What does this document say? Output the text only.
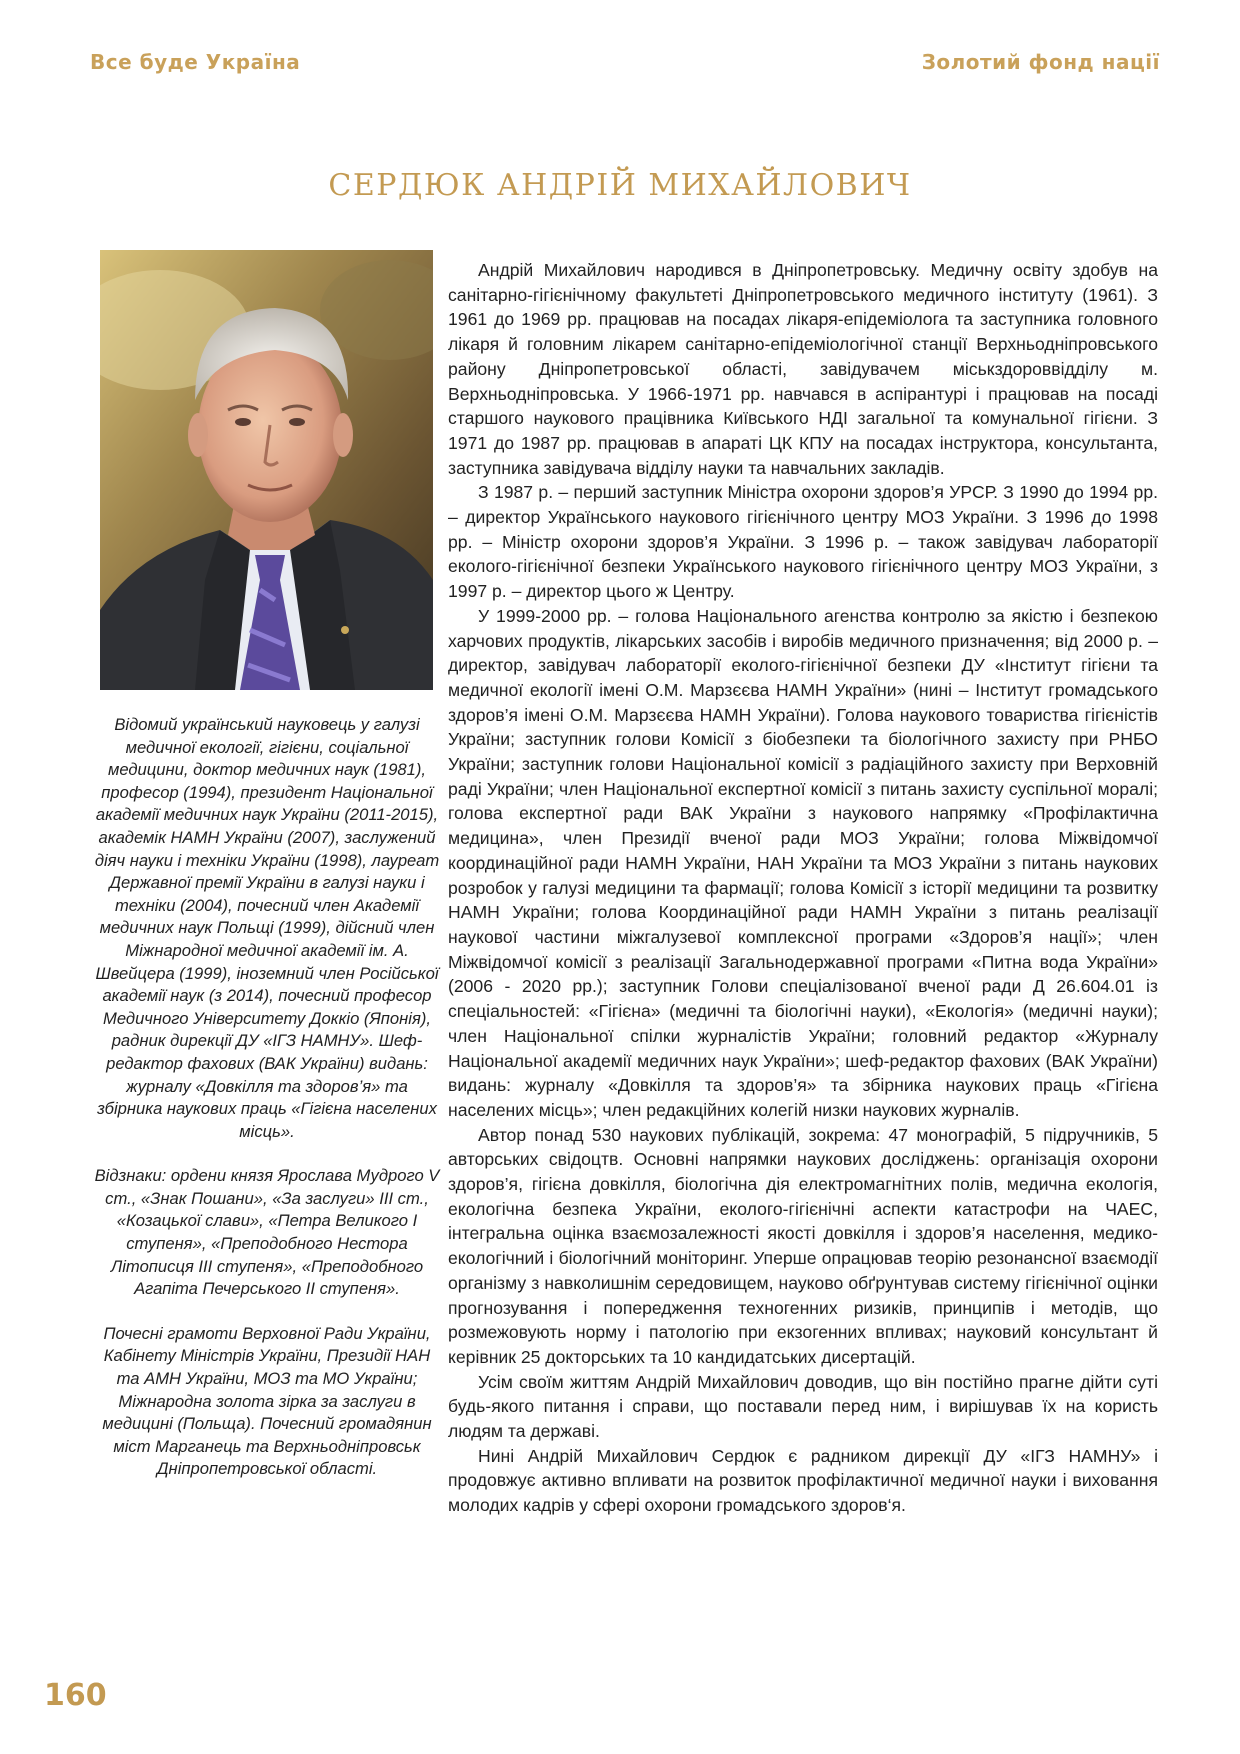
Все буде Україна	Золотий фонд нації
СЕРДЮК АНДРІЙ МИХАЙЛОВИЧ

Відомий український науковець у галузі медичної екології, гігієни, соціальної медицини, доктор медичних наук (1981), професор (1994), президент Національної академії медичних наук України (2011-2015), академік НАМН України (2007), заслужений діяч науки і техніки України (1998), лауреат Державної премії України в галузі науки і техніки (2004), почесний член Академії медичних наук Польщі (1999), дійсний член Міжнародної медичної академії ім. А. Швейцера (1999), іноземний член Російської академії наук (з 2014), почесний професор Медичного Університету Доккіо (Японія), радник дирекції ДУ «ІГЗ НАМНУ». Шеф-редактор фахових (ВАК України) видань: журналу «Довкілля та здоров’я» та збірника наукових праць «Гігієна населених місць».

Відзнаки: ордени князя Ярослава Мудрого V ст., «Знак Пошани», «За заслуги» ІІІ ст., «Козацької слави», «Петра Великого І ступеня», «Преподобного Нестора Літописця ІІІ ступеня», «Преподобного Агапіта Печерського ІІ ступеня».

Почесні грамоти Верховної Ради України, Кабінету Міністрів України, Президії НАН та АМН України, МОЗ та МО України; Міжнародна золота зірка за заслуги в медицині (Польща). Почесний громадянин міст Марганець та Верхньодніпровськ Дніпропетровської області.

Андрій Михайлович народився в Дніпропетровську. Медичну освіту здобув на санітарно-гігієнічному факультеті Дніпропетровського медичного інституту (1961). З 1961 до 1969 рр. працював на посадах лікаря-епідеміолога та заступника головного лікаря й головним лікарем санітарно-епідеміологічної станції Верхньодніпровського району Дніпропетровської області, завідувачем міськздороввідділу м. Верхньодніпровська. У 1966-1971 рр. навчався в аспірантурі і працював на посаді старшого наукового працівника Київського НДІ загальної та комунальної гігієни. З 1971 до 1987 рр. працював в апараті ЦК КПУ на посадах інструктора, консультанта, заступника завідувача відділу науки та навчальних закладів.

З 1987 р. – перший заступник Міністра охорони здоров’я УРСР. З 1990 до 1994 рр. – директор Українського наукового гігієнічного центру МОЗ України. З 1996 до 1998 рр. – Міністр охорони здоров’я України. З 1996 р. – також завідувач лабораторії еколого-гігієнічної безпеки Українського наукового гігієнічного центру МОЗ України, з 1997 р. – директор цього ж Центру.

У 1999-2000 рр. – голова Національного агенства контролю за якістю і безпекою харчових продуктів, лікарських засобів і виробів медичного призначення; від 2000 р. – директор, завідувач лабораторії еколого-гігієнічної безпеки ДУ «Інститут гігієни та медичної екології імені О.М. Марзєєва НАМН України» (нині – Інститут громадського здоров’я імені О.М. Марзєєва НАМН України). Голова наукового товариства гігієністів України; заступник голови Комісії з біобезпеки та біологічного захисту при РНБО України; заступник голови Національної комісії з радіаційного захисту при Верховній раді України; член Національної експертної комісії з питань захисту суспільної моралі; голова експертної ради ВАК України з наукового напрямку «Профілактична медицина», член Президії вченої ради МОЗ України; голова Міжвідомчої координаційної ради НАМН України, НАН України та МОЗ України з питань наукових розробок у галузі медицини та фармації; голова Комісії з історії медицини та розвитку НАМН України; голова Координаційної ради НАМН України з питань реалізації наукової частини міжгалузевої комплексної програми «Здоров’я нації»; член Міжвідомчої комісії з реалізації Загальнодержавної програми «Питна вода України» (2006 - 2020 рр.); заступник Голови спеціалізованої вченої ради Д 26.604.01 із спеціальностей: «Гігієна» (медичні та біологічні науки), «Екологія» (медичні науки); член Національної спілки журналістів України; головний редактор «Журналу Національної академії медичних наук України»; шеф-редактор фахових (ВАК України) видань: журналу «Довкілля та здоров’я» та збірника наукових праць «Гігієна населених місць»; член редакційних колегій низки наукових журналів.

Автор понад 530 наукових публікацій, зокрема: 47 монографій, 5 підручників, 5 авторських свідоцтв. Основні напрямки наукових досліджень: організація охорони здоров’я, гігієна довкілля, біологічна дія електромагнітних полів, медична екологія, екологічна безпека України, еколого-гігієнічні аспекти катастрофи на ЧАЕС, інтегральна оцінка взаємозалежності якості довкілля і здоров’я населення, медико-екологічний і біологічний моніторинг. Уперше опрацював теорію резонансної взаємодії організму з навколишнім середовищем, науково обґрунтував систему гігієнічної оцінки прогнозування і попередження техногенних ризиків, принципів і методів, що розмежовують норму і патологію при екзогенних впливах; науковий консультант й керівник 25 докторських та 10 кандидатських дисертацій.

Усім своїм життям Андрій Михайлович доводив, що він постійно прагне дійти суті будь-якого питання і справи, що поставали перед ним, і вирішував їх на користь людям та державі.

Нині Андрій Михайлович Сердюк є радником дирекції ДУ «ІГЗ НАМНУ» і продовжує активно впливати на розвиток профілактичної медичної науки і виховання молодих кадрів у сфері охорони громадського здоров‘я.

160
